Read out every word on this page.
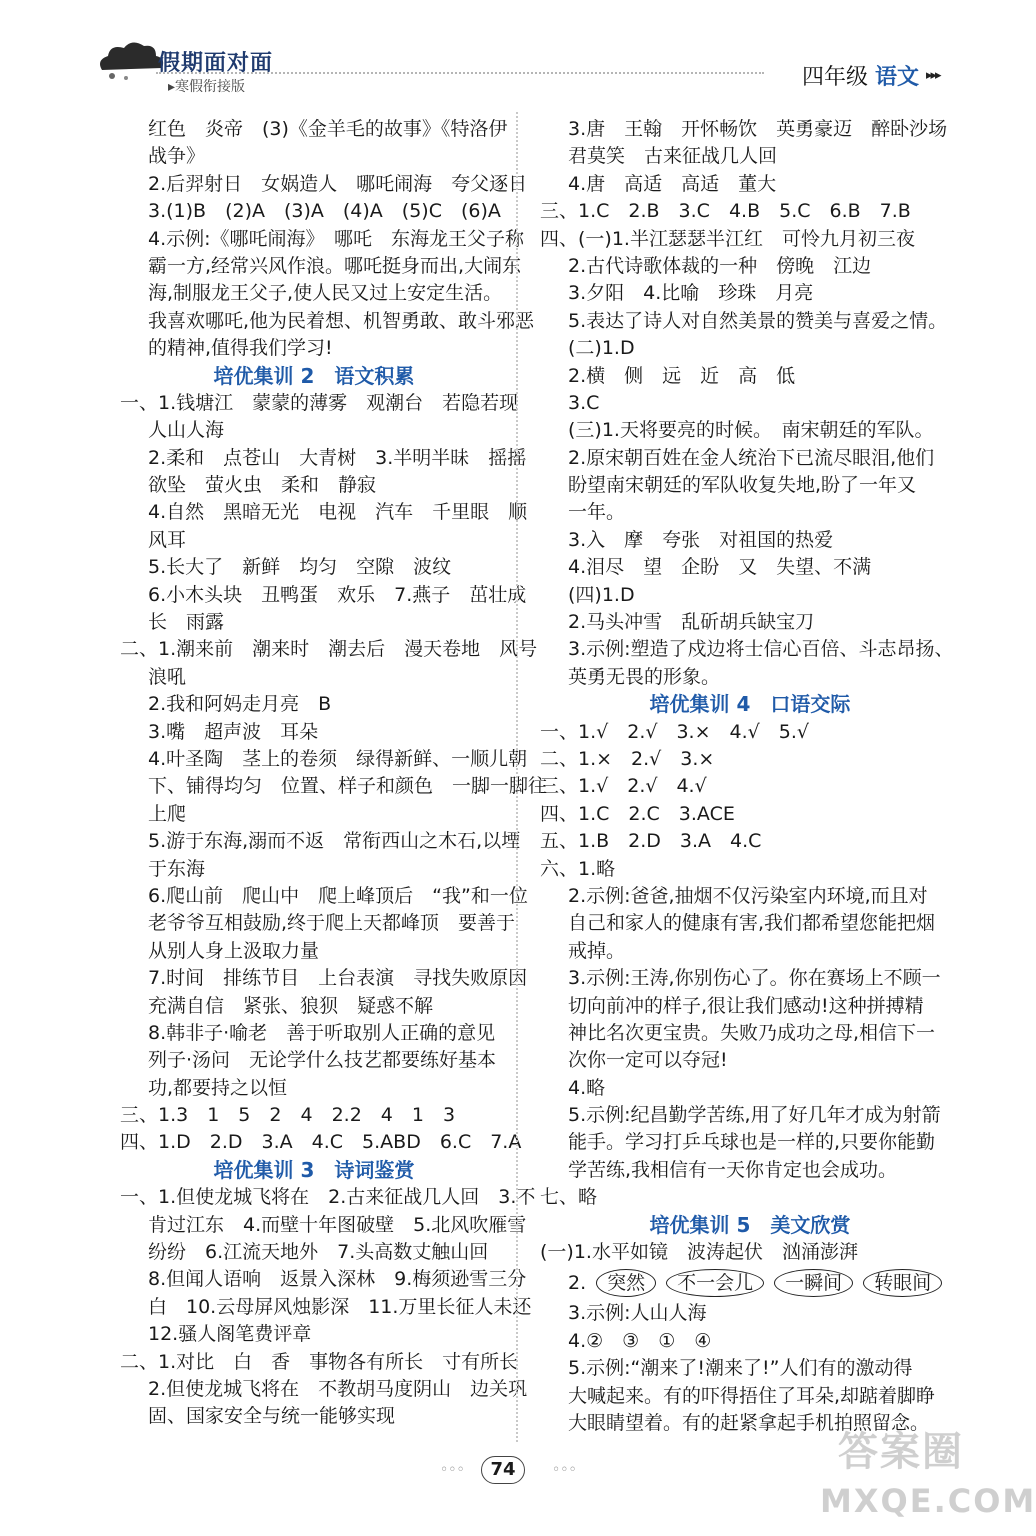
假期面对面
▸寒假衔接版	四年级 语文 ▸▸▸
红色　炎帝　(3)《金羊毛的故事》《特洛伊
战争》
2.后羿射日　女娲造人　哪吒闹海　夸父逐日
3.(1)B　(2)A　(3)A　(4)A　(5)C　(6)A
4.示例:《哪吒闹海》　哪吒　东海龙王父子称
霸一方,经常兴风作浪。哪吒挺身而出,大闹东
海,制服龙王父子,使人民又过上安定生活。
我喜欢哪吒,他为民着想、机智勇敢、敢斗邪恶
的精神,值得我们学习!
培优集训 2　语文积累
一、1.钱塘江　蒙蒙的薄雾　观潮台　若隐若现
人山人海
2.柔和　点苍山　大青树　3.半明半昧　摇摇
欲坠　萤火虫　柔和　静寂
4.自然　黑暗无光　电视　汽车　千里眼　顺
风耳
5.长大了　新鲜　均匀　空隙　波纹
6.小木头块　丑鸭蛋　欢乐　7.燕子　茁壮成
长　雨露
二、1.潮来前　潮来时　潮去后　漫天卷地　风号
浪吼
2.我和阿妈走月亮　B
3.嘴　超声波　耳朵
4.叶圣陶　茎上的卷须　绿得新鲜、一顺儿朝
下、铺得均匀　位置、样子和颜色　一脚一脚往
上爬
5.游于东海,溺而不返　常衔西山之木石,以堙
于东海
6.爬山前　爬山中　爬上峰顶后　“我”和一位
老爷爷互相鼓励,终于爬上天都峰顶　要善于
从别人身上汲取力量
7.时间　排练节目　上台表演　寻找失败原因
充满自信　紧张、狼狈　疑惑不解
8.韩非子·喻老　善于听取别人正确的意见
列子·汤问　无论学什么技艺都要练好基本
功,都要持之以恒
三、1.3　1　5　2　4　2.2　4　1　3
四、1.D　2.D　3.A　4.C　5.ABD　6.C　7.A
培优集训 3　诗词鉴赏
一、1.但使龙城飞将在　2.古来征战几人回　3.不
肯过江东　4.而壁十年图破壁　5.北风吹雁雪
纷纷　6.江流天地外　7.头高数丈触山回
8.但闻人语响　返景入深林　9.梅须逊雪三分
白　10.云母屏风烛影深　11.万里长征人未还
12.骚人阁笔费评章
二、1.对比　白　香　事物各有所长　寸有所长
2.但使龙城飞将在　不教胡马度阴山　边关巩
固、国家安全与统一能够实现
3.唐　王翰　开怀畅饮　英勇豪迈　醉卧沙场
君莫笑　古来征战几人回
4.唐　高适　高适　董大
三、1.C　2.B　3.C　4.B　5.C　6.B　7.B
四、(一)1.半江瑟瑟半江红　可怜九月初三夜
2.古代诗歌体裁的一种　傍晚　江边
3.夕阳　4.比喻　珍珠　月亮
5.表达了诗人对自然美景的赞美与喜爱之情。
(二)1.D
2.横　侧　远　近　高　低
3.C
(三)1.天将要亮的时候。　南宋朝廷的军队。
2.原宋朝百姓在金人统治下已流尽眼泪,他们
盼望南宋朝廷的军队收复失地,盼了一年又
一年。
3.入　摩　夸张　对祖国的热爱
4.泪尽　望　企盼　又　失望、不满
(四)1.D
2.马头冲雪　乱斫胡兵缺宝刀
3.示例:塑造了戍边将士信心百倍、斗志昂扬、
英勇无畏的形象。
培优集训 4　口语交际
一、1.√　2.√　3.×　4.√　5.√
二、1.×　2.√　3.×
三、1.√　2.√　4.√
四、1.C　2.C　3.ACE
五、1.B　2.D　3.A　4.C
六、1.略
2.示例:爸爸,抽烟不仅污染室内环境,而且对
自己和家人的健康有害,我们都希望您能把烟
戒掉。
3.示例:王涛,你别伤心了。你在赛场上不顾一
切向前冲的样子,很让我们感动!这种拼搏精
神比名次更宝贵。失败乃成功之母,相信下一
次你一定可以夺冠!
4.略
5.示例:纪昌勤学苦练,用了好几年才成为射箭
能手。学习打乒乓球也是一样的,只要你能勤
学苦练,我相信有一天你肯定也会成功。
七、略
培优集训 5　美文欣赏
(一)1.水平如镜　波涛起伏　汹涌澎湃
2.	突然	不一会儿	一瞬间	转眼间
3.示例:人山人海
4.②　③　①　④
5.示例:“潮来了!潮来了!”人们有的激动得
大喊起来。有的吓得捂住了耳朵,却踮着脚睁
大眼睛望着。有的赶紧拿起手机拍照留念。
◦◦◦	74	◦◦◦	答案圈
MXQE.COM
